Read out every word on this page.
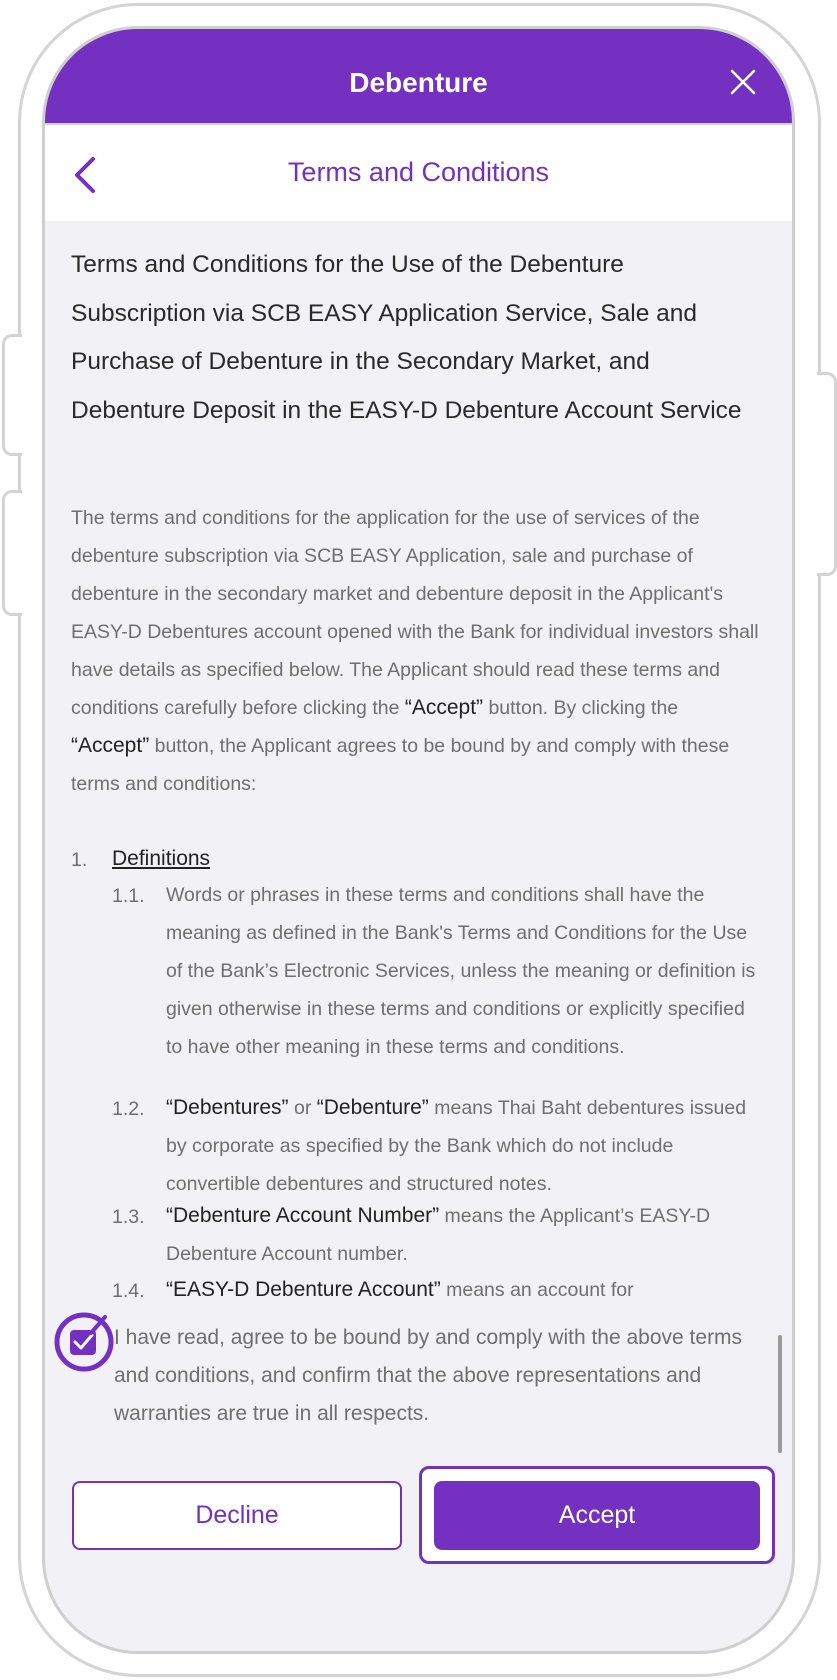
Debenture
Terms and Conditions
Terms and Conditions for the Use of the Debenture Subscription via SCB EASY Application Service, Sale and Purchase of Debenture in the Secondary Market, and Debenture Deposit in the EASY-D Debenture Account Service
The terms and conditions for the application for the use of services of the debenture subscription via SCB EASY Application, sale and purchase of debenture in the secondary market and debenture deposit in the Applicant's EASY-D Debentures account opened with the Bank for individual investors shall have details as specified below. The Applicant should read these terms and conditions carefully before clicking the “Accept” button. By clicking the “Accept” button, the Applicant agrees to be bound by and comply with these terms and conditions:
1. Definitions
1.1. Words or phrases in these terms and conditions shall have the meaning as defined in the Bank's Terms and Conditions for the Use of the Bank’s Electronic Services, unless the meaning or definition is given otherwise in these terms and conditions or explicitly specified to have other meaning in these terms and conditions.
1.2. “Debentures” or “Debenture” means Thai Baht debentures issued by corporate as specified by the Bank which do not include convertible debentures and structured notes.
1.3. “Debenture Account Number” means the Applicant’s EASY-D Debenture Account number.
1.4. “EASY-D Debenture Account” means an account for
I have read, agree to be bound by and comply with the above terms and conditions, and confirm that the above representations and warranties are true in all respects.
Decline	Accept
